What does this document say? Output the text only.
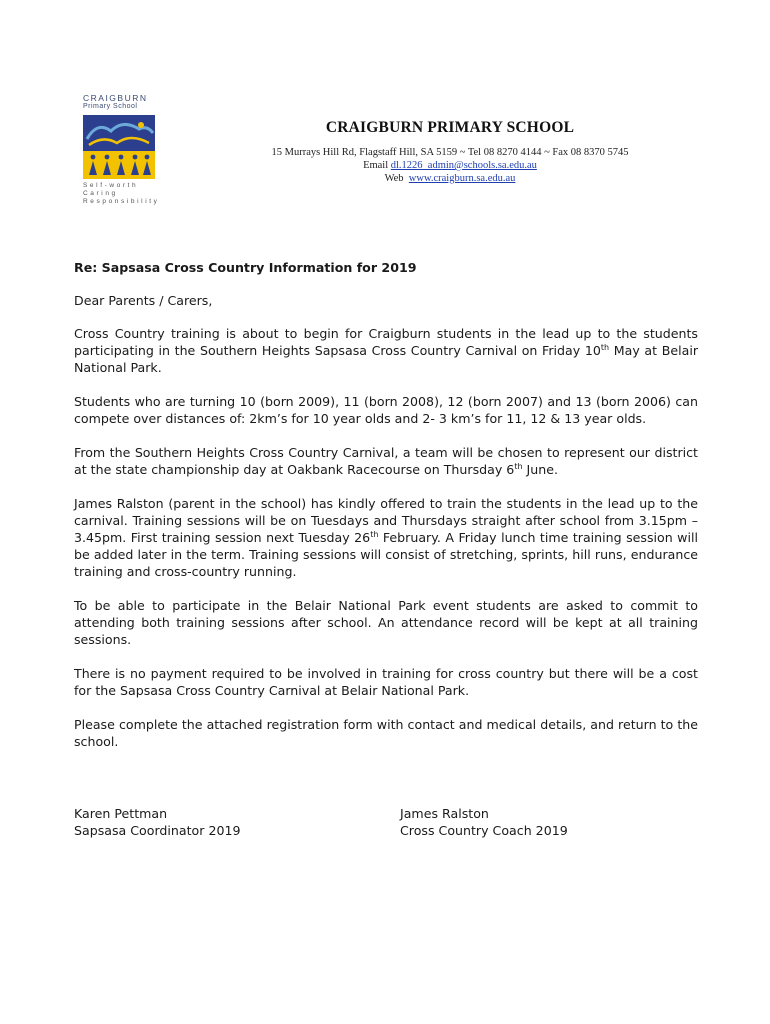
CRAIGBURN
Primary School
Self-worth
Caring
Responsibility
CRAIGBURN PRIMARY SCHOOL
15 Murrays Hill Rd, Flagstaff Hill, SA 5159 ~ Tel 08 8270 4144 ~ Fax 08 8370 5745
Email dl.1226_admin@schools.sa.edu.au
Web www.craigburn.sa.edu.au

Re: Sapsasa Cross Country Information for 2019

Dear Parents / Carers,

Cross Country training is about to begin for Craigburn students in the lead up to the students participating in the Southern Heights Sapsasa Cross Country Carnival on Friday 10th May at Belair National Park.

Students who are turning 10 (born 2009), 11 (born 2008), 12 (born 2007) and 13 (born 2006) can compete over distances of: 2km’s for 10 year olds and 2- 3 km’s for 11, 12 & 13 year olds.

From the Southern Heights Cross Country Carnival, a team will be chosen to represent our district at the state championship day at Oakbank Racecourse on Thursday 6th June.

James Ralston (parent in the school) has kindly offered to train the students in the lead up to the carnival. Training sessions will be on Tuesdays and Thursdays straight after school from 3.15pm – 3.45pm. First training session next Tuesday 26th February. A Friday lunch time training session will be added later in the term. Training sessions will consist of stretching, sprints, hill runs, endurance training and cross-country running.

To be able to participate in the Belair National Park event students are asked to commit to attending both training sessions after school. An attendance record will be kept at all training sessions.

There is no payment required to be involved in training for cross country but there will be a cost for the Sapsasa Cross Country Carnival at Belair National Park.

Please complete the attached registration form with contact and medical details, and return to the school.

Karen Pettman
Sapsasa Coordinator 2019
James Ralston
Cross Country Coach 2019
